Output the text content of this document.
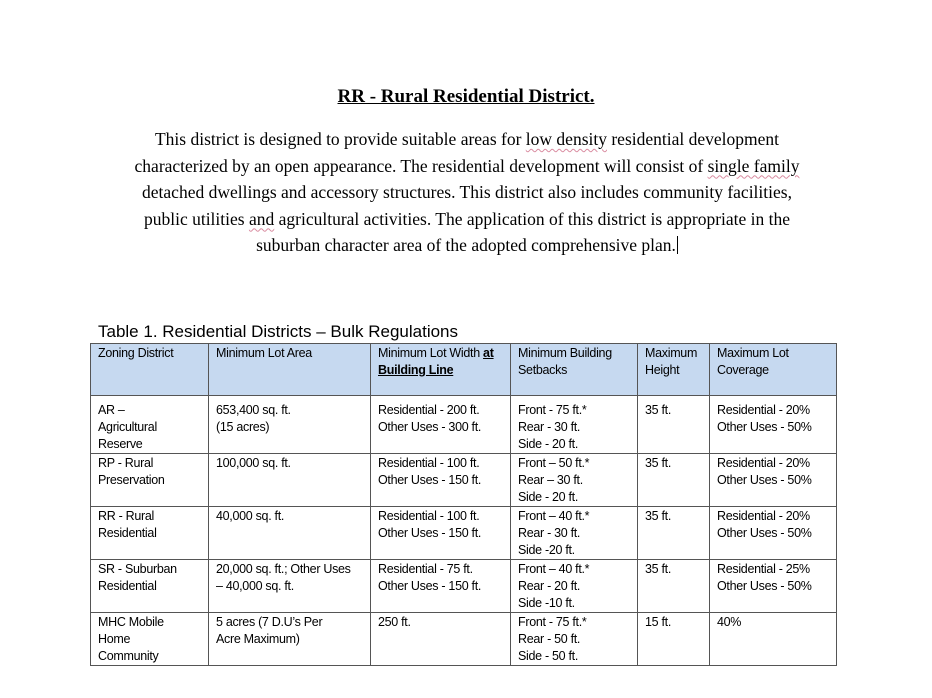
RR - Rural Residential District.
This district is designed to provide suitable areas for low density residential development
characterized by an open appearance. The residential development will consist of single family
detached dwellings and accessory structures. This district also includes community facilities,
public utilities and agricultural activities. The application of this district is appropriate in the
suburban character area of the adopted comprehensive plan.
Table 1. Residential Districts – Bulk Regulations
Zoning District	Minimum Lot Area	Minimum Lot Width at
Building Line	Minimum Building
Setbacks	Maximum
Height	Maximum Lot
Coverage

AR –
Agricultural
Reserve	653,400 sq. ft.
(15 acres)	Residential - 200 ft.
Other Uses - 300 ft.	Front - 75 ft.*
Rear - 30 ft.
Side - 20 ft.	35 ft.	Residential - 20%
Other Uses - 50%

RP - Rural
Preservation	100,000 sq. ft.	Residential - 100 ft.
Other Uses - 150 ft.	Front – 50 ft.*
Rear – 30 ft.
Side - 20 ft.	35 ft.	Residential - 20%
Other Uses - 50%

RR - Rural
Residential	40,000 sq. ft.	Residential - 100 ft.
Other Uses - 150 ft.	Front – 40 ft.*
Rear - 30 ft.
Side -20 ft.	35 ft.	Residential - 20%
Other Uses - 50%

SR - Suburban
Residential	20,000 sq. ft.; Other Uses
– 40,000 sq. ft.	Residential - 75 ft.
Other Uses - 150 ft.	Front – 40 ft.*
Rear - 20 ft.
Side -10 ft.	35 ft.	Residential - 25%
Other Uses - 50%

MHC Mobile
Home
Community	5 acres (7 D.U’s Per
Acre Maximum)	250 ft.	Front - 75 ft.*
Rear - 50 ft.
Side - 50 ft.	15 ft.	40%
